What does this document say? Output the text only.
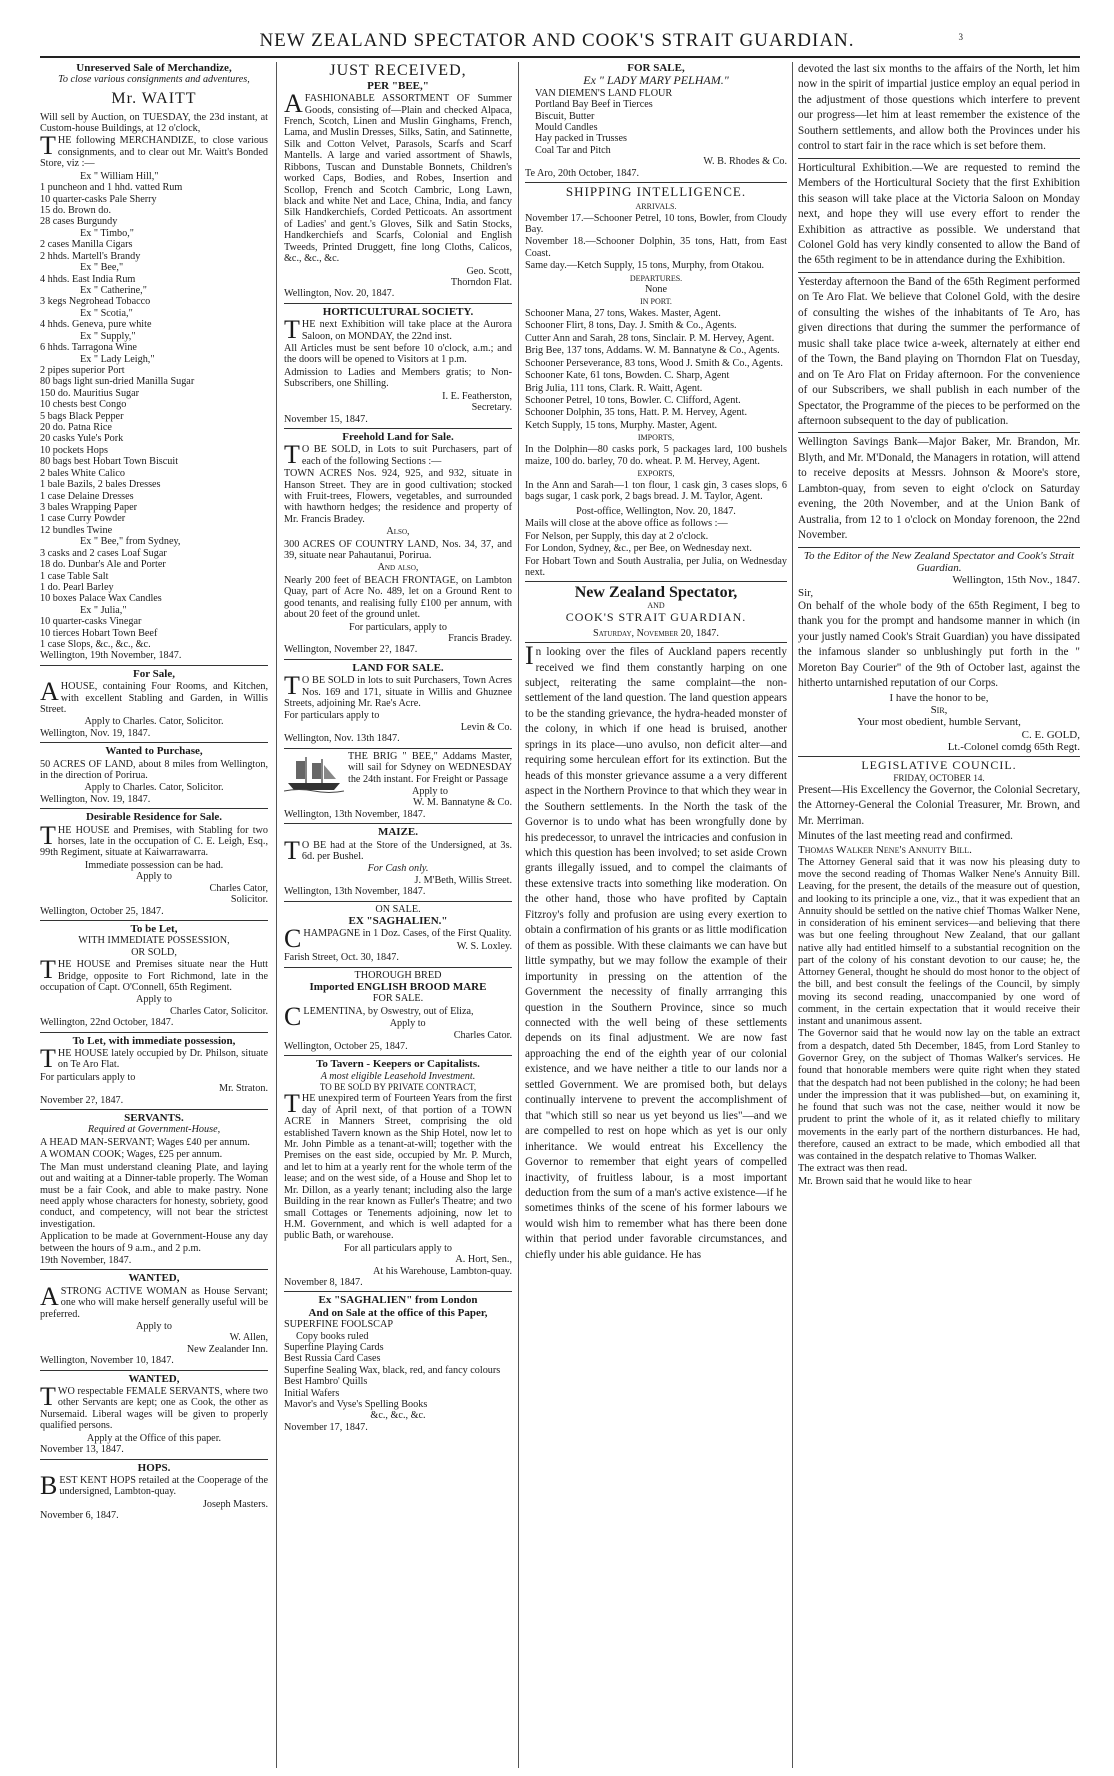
NEW ZEALAND SPECTATOR AND COOK'S STRAIT GUARDIAN.	3
Unreserved Sale of Merchandize,
To close various consignments and adventures,
Mr. WAITT
Will sell by Auction, on TUESDAY, the 23d instant, at Custom-house Buildings, at 12 o'clock,
THE following MERCHANDIZE, to close various consignments, and to clear out Mr. Waitt's Bonded Store, viz :—
Ex " William Hill,"
1 puncheon and 1 hhd. vatted Rum
10 quarter-casks Pale Sherry
15 do. Brown do.
28 cases Burgundy
Ex " Timbo,"
2 cases Manilla Cigars
2 hhds. Martell's Brandy
Ex " Bee,"
4 hhds. East India Rum
Ex " Catherine,"
3 kegs Negrohead Tobacco
Ex " Scotia,"
4 hhds. Geneva, pure white
Ex " Supply,"
6 hhds. Tarragona Wine
Ex " Lady Leigh,"
2 pipes superior Port
80 bags light sun-dried Manilla Sugar
150 do. Mauritius Sugar
10 chests best Congo
5 bags Black Pepper
20 do. Patna Rice
20 casks Yule's Pork
10 pockets Hops
80 bags best Hobart Town Biscuit
2 bales White Calico
1 bale Bazils, 2 bales Dresses
1 case Delaine Dresses
3 bales Wrapping Paper
1 case Curry Powder
12 bundles Twine
Ex " Bee," from Sydney,
3 casks and 2 cases Loaf Sugar
18 do. Dunbar's Ale and Porter
1 case Table Salt
1 do. Pearl Barley
10 boxes Palace Wax Candles
Ex " Julia,"
10 quarter-casks Vinegar
10 tierces Hobart Town Beef
1 case Slops, &c., &c., &c.
Wellington, 19th November, 1847.
For Sale,
AHOUSE, containing Four Rooms, and Kitchen, with excellent Stabling and Garden, in Willis Street.
Apply to Charles. Cator, Solicitor.
Wellington, Nov. 19, 1847.
Wanted to Purchase,
50 ACRES OF LAND, about 8 miles from Wellington, in the direction of Porirua.
Apply to Charles. Cator, Solicitor.
Wellington, Nov. 19, 1847.
Desirable Residence for Sale.
THE HOUSE and Premises, with Stabling for two horses, late in the occupation of C. E. Leigh, Esq., 99th Regiment, situate at Kaiwarrawarra.
Immediate possession can be had.
Apply to
Charles Cator,
Solicitor.
Wellington, October 25, 1847.
To be Let,
WITH IMMEDIATE POSSESSION,
OR SOLD,
THE HOUSE and Premises situate near the Hutt Bridge, opposite to Fort Richmond, late in the occupation of Capt. O'Connell, 65th Regiment.
Apply to
Charles Cator, Solicitor.
Wellington, 22nd October, 1847.
To Let, with immediate possession,
THE HOUSE lately occupied by Dr. Philson, situate on Te Aro Flat.
For particulars apply to
Mr. Straton.
November 2?, 1847.
SERVANTS.
Required at Government-House,
A HEAD MAN-SERVANT; Wages £40 per annum.
A WOMAN COOK; Wages, £25 per annum.
The Man must understand cleaning Plate, and laying out and waiting at a Dinner-table properly. The Woman must be a fair Cook, and able to make pastry. None need apply whose characters for honesty, sobriety, good conduct, and competency, will not bear the strictest investigation.
Application to be made at Government-House any day between the hours of 9 a.m., and 2 p.m.
19th November, 1847.
WANTED,
ASTRONG ACTIVE WOMAN as House Servant; one who will make herself generally useful will be preferred.
Apply to
W. Allen,
New Zealander Inn.
Wellington, November 10, 1847.
WANTED,
TWO respectable FEMALE SERVANTS, where two other Servants are kept; one as Cook, the other as Nursemaid. Liberal wages will be given to properly qualified persons.
Apply at the Office of this paper.
November 13, 1847.
HOPS.
BEST KENT HOPS retailed at the Cooperage of the undersigned, Lambton-quay.
Joseph Masters.
November 6, 1847.
JUST RECEIVED,
PER "BEE,"
AFASHIONABLE ASSORTMENT OF Summer Goods, consisting of—Plain and checked Alpaca, French, Scotch, Linen and Muslin Ginghams, French, Lama, and Muslin Dresses, Silks, Satin, and Satinnette, Silk and Cotton Velvet, Parasols, Scarfs and Scarf Mantells. A large and varied assortment of Shawls, Ribbons, Tuscan and Dunstable Bonnets, Children's worked Caps, Bodies, and Robes, Insertion and Scollop, French and Scotch Cambric, Long Lawn, black and white Net and Lace, China, India, and fancy Silk Handkerchiefs, Corded Petticoats. An assortment of Ladies' and gent.'s Gloves, Silk and Satin Stocks, Handkerchiefs and Scarfs, Colonial and English Tweeds, Printed Druggett, fine long Cloths, Calicos, &c., &c., &c.
Geo. Scott,
Thorndon Flat.
Wellington, Nov. 20, 1847.
HORTICULTURAL SOCIETY.
THE next Exhibition will take place at the Aurora Saloon, on MONDAY, the 22nd inst.
All Articles must be sent before 10 o'clock, a.m.; and the doors will be opened to Visitors at 1 p.m.
Admission to Ladies and Members gratis; to Non-Subscribers, one Shilling.
I. E. Featherston,
Secretary.
November 15, 1847.
Freehold Land for Sale.
TO BE SOLD, in Lots to suit Purchasers, part of each of the following Sections :—
TOWN ACRES Nos. 924, 925, and 932, situate in Hanson Street. They are in good cultivation; stocked with Fruit-trees, Flowers, vegetables, and surrounded with hawthorn hedges; the residence and property of Mr. Francis Bradey.
Also,
300 ACRES OF COUNTRY LAND, Nos. 34, 37, and 39, situate near Pahautanui, Porirua.
And also,
Nearly 200 feet of BEACH FRONTAGE, on Lambton Quay, part of Acre No. 489, let on a Ground Rent to good tenants, and realising fully £100 per annum, with about 20 feet of the ground unlet.
For particulars, apply to
Francis Bradey.
Wellington, November 2?, 1847.
LAND FOR SALE.
TO BE SOLD in lots to suit Purchasers, Town Acres Nos. 169 and 171, situate in Willis and Ghuznee Streets, adjoining Mr. Rae's Acre.
For particulars apply to
Levin & Co.
Wellington, Nov. 13th 1847.
THE BRIG " BEE," Addams Master, will sail for Sdyney on WEDNESDAY the 24th instant. For Freight or Passage
Apply to
W. M. Bannatyne & Co.
Wellington, 13th November, 1847.
MAIZE.
TO BE had at the Store of the Undersigned, at 3s. 6d. per Bushel.
For Cash only.
J. M'Beth, Willis Street.
Wellington, 13th November, 1847.
ON SALE.
EX "SAGHALIEN."
CHAMPAGNE in 1 Doz. Cases, of the First Quality.
W. S. Loxley.
Farish Street, Oct. 30, 1847.
THOROUGH BRED
Imported ENGLISH BROOD MARE
FOR SALE.
CLEMENTINA, by Oswestry, out of Eliza,
Apply to
Charles Cator.
Wellington, October 25, 1847.
To Tavern - Keepers or Capitalists.
A most eligible Leasehold Investment.
TO BE SOLD BY PRIVATE CONTRACT,
THE unexpired term of Fourteen Years from the first day of April next, of that portion of a TOWN ACRE in Manners Street, comprising the old established Tavern known as the Ship Hotel, now let to Mr. John Pimble as a tenant-at-will; together with the Premises on the east side, occupied by Mr. P. Murch, and let to him at a yearly rent for the whole term of the lease; and on the west side, of a House and Shop let to Mr. Dillon, as a yearly tenant; including also the large Building in the rear known as Fuller's Theatre; and two small Cottages or Tenements adjoining, now let to H.M. Government, and which is well adapted for a public Bath, or warehouse.
For all particulars apply to
A. Hort, Sen.,
At his Warehouse, Lambton-quay.
November 8, 1847.
Ex "SAGHALIEN" from London
And on Sale at the office of this Paper,
SUPERFINE FOOLSCAP
Copy books ruled
Superfine Playing Cards
Best Russia Card Cases
Superfine Sealing Wax, black, red, and fancy colours
Best Hambro' Quills
Initial Wafers
Mavor's and Vyse's Spelling Books
&c., &c., &c.
November 17, 1847.
FOR SALE,
Ex " LADY MARY PELHAM."
VAN DIEMEN'S LAND FLOUR
Portland Bay Beef in Tierces
Biscuit, Butter
Mould Candles
Hay packed in Trusses
Coal Tar and Pitch
W. B. Rhodes & Co.
Te Aro, 20th October, 1847.
SHIPPING INTELLIGENCE.
ARRIVALS.
November 17.—Schooner Petrel, 10 tons, Bowler, from Cloudy Bay.
November 18.—Schooner Dolphin, 35 tons, Hatt, from East Coast.
Same day.—Ketch Supply, 15 tons, Murphy, from Otakou.
DEPARTURES.
None
IN PORT.
Schooner Mana, 27 tons, Wakes. Master, Agent.
Schooner Flirt, 8 tons, Day. J. Smith & Co., Agents.
Cutter Ann and Sarah, 28 tons, Sinclair. P. M. Hervey, Agent.
Brig Bee, 137 tons, Addams. W. M. Bannatyne & Co., Agents.
Schooner Perseverance, 83 tons, Wood J. Smith & Co., Agents.
Schooner Kate, 61 tons, Bowden. C. Sharp, Agent
Brig Julia, 111 tons, Clark. R. Waitt, Agent.
Schooner Petrel, 10 tons, Bowler. C. Clifford, Agent.
Schooner Dolphin, 35 tons, Hatt. P. M. Hervey, Agent.
Ketch Supply, 15 tons, Murphy. Master, Agent.
IMPORTS,
In the Dolphin—80 casks pork, 5 packages lard, 100 bushels maize, 100 do. barley, 70 do. wheat. P. M. Hervey, Agent.
EXPORTS,
In the Ann and Sarah—1 ton flour, 1 cask gin, 3 cases slops, 6 bags sugar, 1 cask pork, 2 bags bread. J. M. Taylor, Agent.
Post-office, Wellington, Nov. 20, 1847.
Mails will close at the above office as follows :—
For Nelson, per Supply, this day at 2 o'clock.
For London, Sydney, &c., per Bee, on Wednesday next.
For Hobart Town and South Australia, per Julia, on Wednesday next.
New Zealand Spectator,
AND
COOK'S STRAIT GUARDIAN.
Saturday, November 20, 1847.
In looking over the files of Auckland papers recently received we find them constantly harping on one subject, reiterating the same complaint—the non-settlement of the land question. The land question appears to be the standing grievance, the hydra-headed monster of the colony, in which if one head is bruised, another springs in its place—uno avulso, non deficit alter—and requiring some herculean effort for its extinction. But the heads of this monster grievance assume a a very different aspect in the Northern Province to that which they wear in the Southern settlements. In the North the task of the Governor is to undo what has been wrongfully done by his predecessor, to unravel the intricacies and confusion in which this question has been involved; to set aside Crown grants illegally issued, and to compel the claimants of these extensive tracts into something like moderation. On the other hand, those who have profited by Captain Fitzroy's folly and profusion are using every exertion to obtain a confirmation of his grants or as little modification of them as possible. With these claimants we can have but little sympathy, but we may follow the example of their importunity in pressing on the attention of the Government the necessity of finally arrranging this question in the Southern Province, since so much connected with the well being of these settlements depends on its final adjustment. We are now fast approaching the end of the eighth year of our colonial existence, and we have neither a title to our lands nor a settled Government. We are promised both, but delays continually intervene to prevent the accomplishment of that "which still so near us yet beyond us lies"—and we are compelled to rest on hope which as yet is our only inheritance. We would entreat his Excellency the Governor to remember that eight years of compelled inactivity, of fruitless labour, is a most important deduction from the sum of a man's active existence—if he sometimes thinks of the scene of his former labours we would wish him to remember what has there been done within that period under favorable circumstances, and chiefly under his able guidance. He has
devoted the last six months to the affairs of the North, let him now in the spirit of impartial justice employ an equal period in the adjustment of those questions which interfere to prevent our progress—let him at least remember the existence of the Southern settlements, and allow both the Provinces under his control to start fair in the race which is set before them.
Horticultural Exhibition.—We are requested to remind the Members of the Horticultural Society that the first Exhibition this season will take place at the Victoria Saloon on Monday next, and hope they will use every effort to render the Exhibition as attractive as possible. We understand that Colonel Gold has very kindly consented to allow the Band of the 65th regiment to be in attendance during the Exhibition.
Yesterday afternoon the Band of the 65th Regiment performed on Te Aro Flat. We believe that Colonel Gold, with the desire of consulting the wishes of the inhabitants of Te Aro, has given directions that during the summer the performance of music shall take place twice a-week, alternately at either end of the Town, the Band playing on Thorndon Flat on Tuesday, and on Te Aro Flat on Friday afternoon. For the convenience of our Subscribers, we shall publish in each number of the Spectator, the Programme of the pieces to be performed on the afternoon subsequent to the day of publication.
Wellington Savings Bank—Major Baker, Mr. Brandon, Mr. Blyth, and Mr. M'Donald, the Managers in rotation, will attend to receive deposits at Messrs. Johnson & Moore's store, Lambton-quay, from seven to eight o'clock on Saturday evening, the 20th November, and at the Union Bank of Australia, from 12 to 1 o'clock on Monday forenoon, the 22nd November.
To the Editor of the New Zealand Spectator and Cook's Strait Guardian.
Wellington, 15th Nov., 1847.
Sir,
On behalf of the whole body of the 65th Regiment, I beg to thank you for the prompt and handsome manner in which (in your justly named Cook's Strait Guardian) you have dissipated the infamous slander so unblushingly put forth in the " Moreton Bay Courier" of the 9th of October last, against the hitherto untarnished reputation of our Corps.
I have the honor to be,
Sir,
Your most obedient, humble Servant,
C. E. GOLD,
Lt.-Colonel comdg 65th Regt.
LEGISLATIVE COUNCIL.
FRIDAY, OCTOBER 14.
Present—His Excellency the Governor, the Colonial Secretary, the Attorney-General the Colonial Treasurer, Mr. Brown, and Mr. Merriman.
Minutes of the last meeting read and confirmed.
Thomas Walker Nene's Annuity Bill.
The Attorney General said that it was now his pleasing duty to move the second reading of Thomas Walker Nene's Annuity Bill. Leaving, for the present, the details of the measure out of question, and looking to its principle a one, viz., that it was expedient that an Annuity should be settled on the native chief Thomas Walker Nene, in consideration of his eminent services—and believing that there was but one feeling throughout New Zealand, that our gallant native ally had entitled himself to a substantial recognition on the part of the colony of his constant devotion to our cause; he, the Attorney General, thought he should do most honor to the object of the bill, and best consult the feelings of the Council, by simply moving its second reading, unaccompanied by one word of comment, in the certain expectation that it would receive their instant and unanimous assent.
The Governor said that he would now lay on the table an extract from a despatch, dated 5th December, 1845, from Lord Stanley to Governor Grey, on the subject of Thomas Walker's services. He found that honorable members were quite right when they stated that the despatch had not been published in the colony; he had been under the impression that it was published—but, on examining it, he found that such was not the case, neither would it now be prudent to print the whole of it, as it related chiefly to military movements in the early part of the northern disturbances. He had, therefore, caused an extract to be made, which embodied all that was contained in the despatch relative to Thomas Walker.
The extract was then read.
Mr. Brown said that he would like to hear
